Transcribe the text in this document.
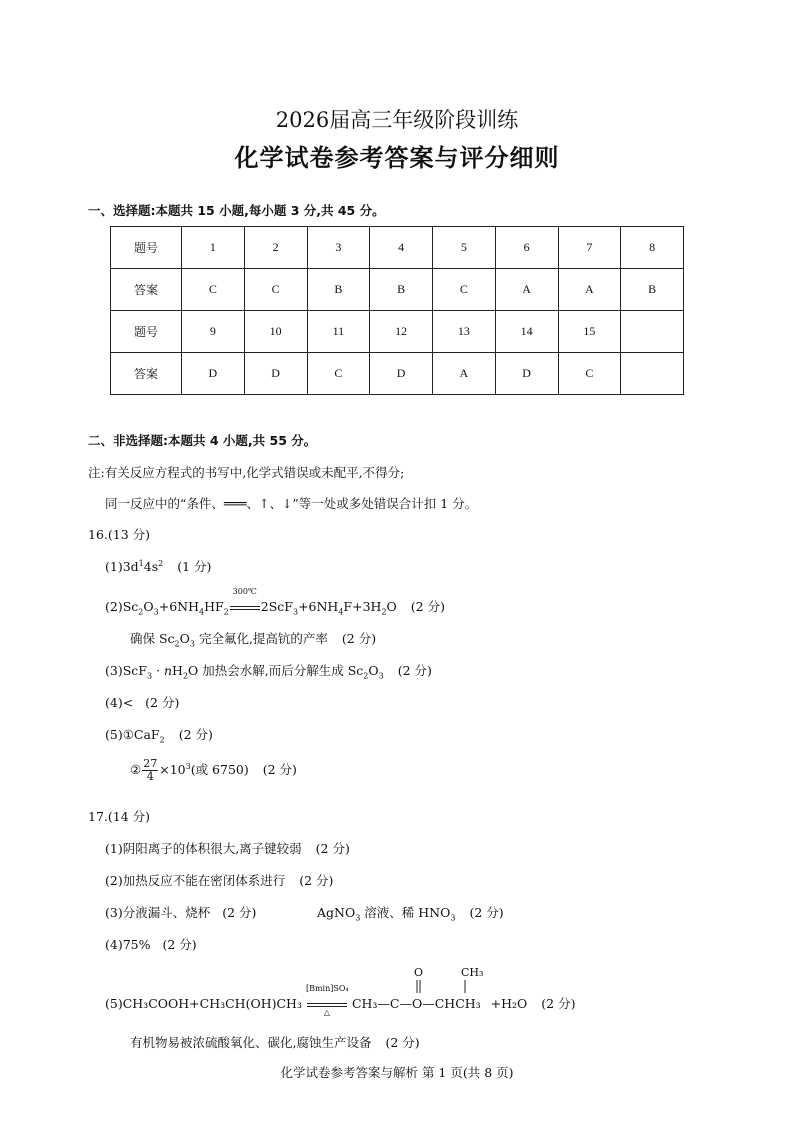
2026届高三年级阶段训练
化学试卷参考答案与评分细则
一、选择题:本题共 15 小题,每小题 3 分,共 45 分。
题号	1	2	3	4	5	6	7	8
答案	C	C	B	B	C	A	A	B
题号	9	10	11	12	13	14	15	
答案	D	D	C	D	A	D	C	
二、非选择题:本题共 4 小题,共 55 分。
注:有关反应方程式的书写中,化学式错误或未配平,不得分;
同一反应中的“条件、═══、↑、↓”等一处或多处错误合计扣 1 分。
16.(13 分)
$(1)3d^14s^2$ (1 分)
$(2)Sc_2O_3+6NH_4HF_2$
300℃
$2ScF_3+6NH_4F+3H_2O$ (2 分)
确保 $Sc_2O_3$ 完全氟化,提高钪的产率 (2 分)
$(3)ScF_3 \cdot nH_2O$ 加热会水解,而后分解生成 $Sc_2O_3$ (2 分)
(4)< (2 分)
(5)①CaF$_2$ (2 分)
② $\frac{27}{4} \times 10^3$(或 6750) (2 分)
17.(14 分)
(1)阴阳离子的体积很大,离子键较弱 (2 分)
(2)加热反应不能在密闭体系进行 (2 分)
(3)分液漏斗、烧杯 (2 分)	AgNO$_3$ 溶液、稀 $HNO_3$ (2 分)
(4)75% (2 分)
O	CH₃
(5)CH₃COOH+CH₃CH(OH)CH₃
[Bmin]SO₄
△
CH₃—C—O—CHCH₃ +H₂O (2 分)
有机物易被浓硫酸氧化、碳化,腐蚀生产设备 (2 分)
化学试卷参考答案与解析 第 1 页(共 8 页)
